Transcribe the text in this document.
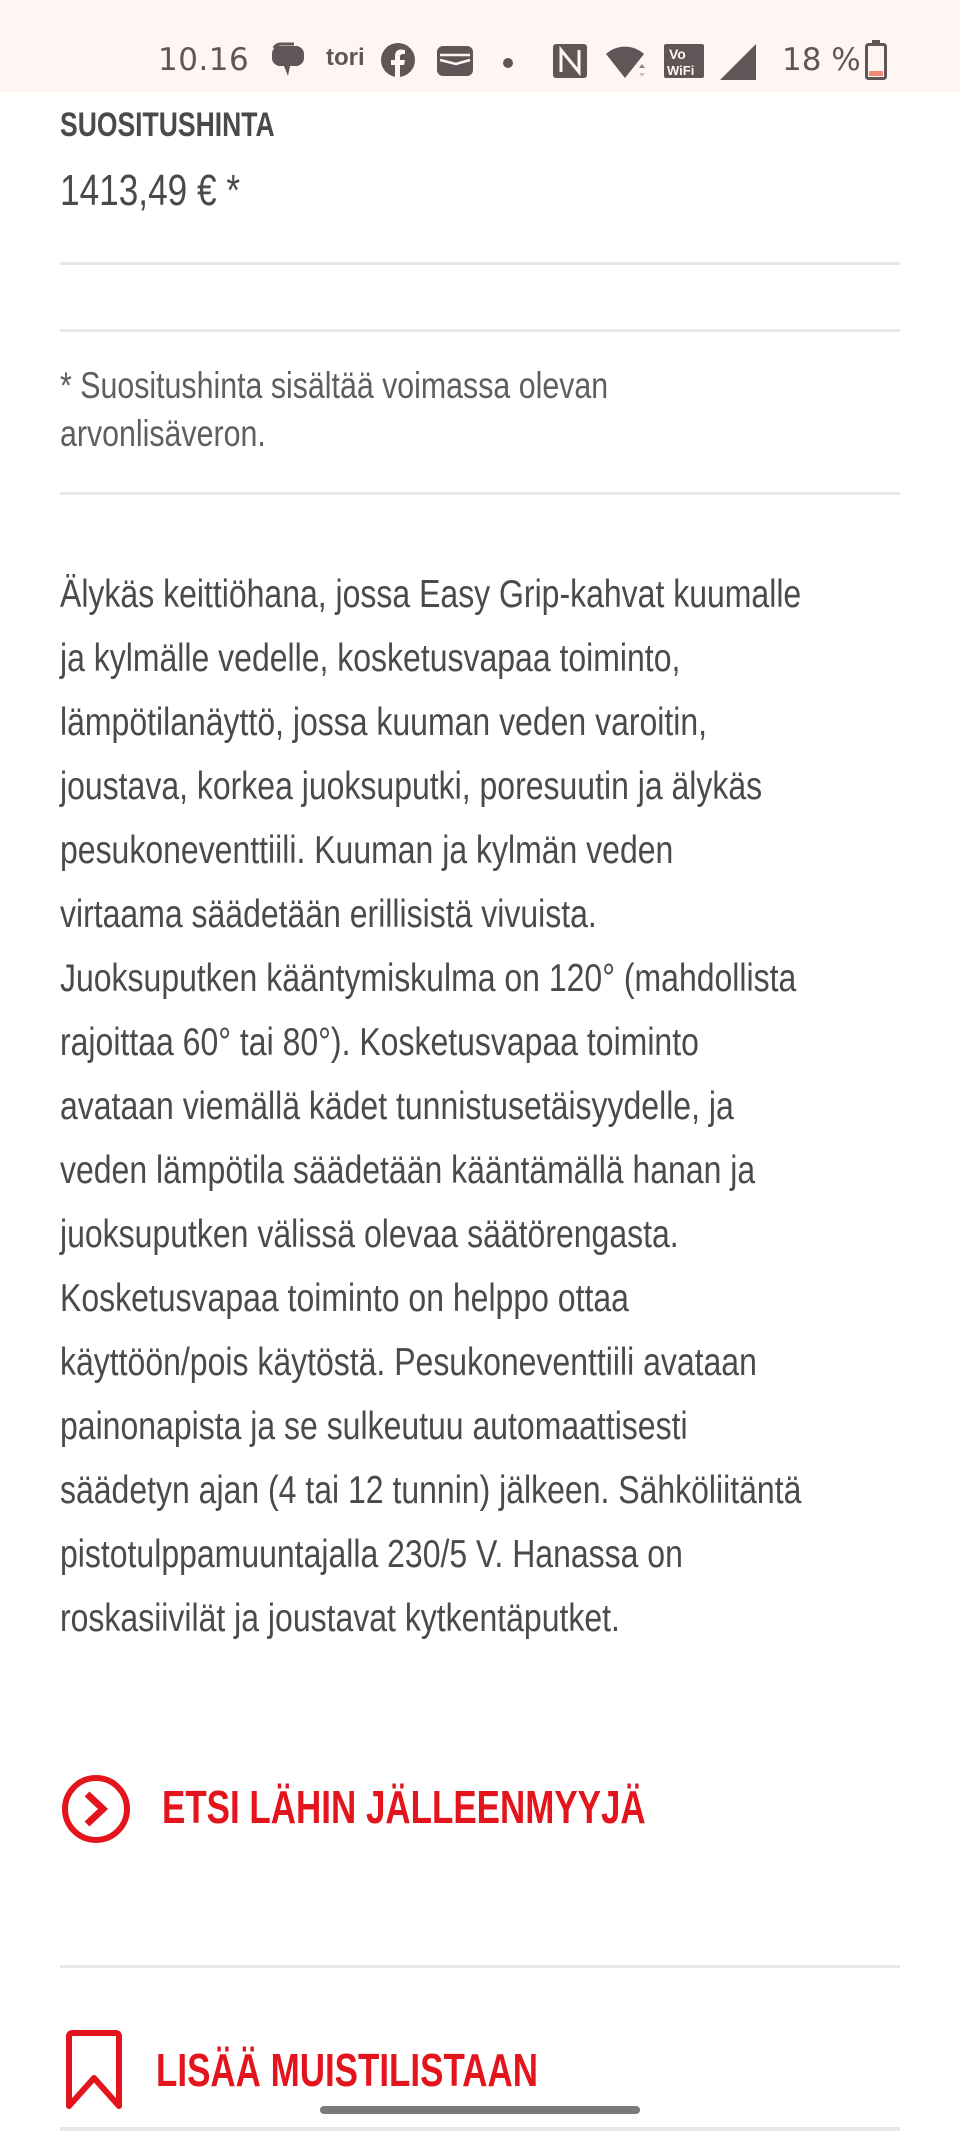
10.16	tori	Vo
WiFi	18 %
SUOSITUSHINTA
1413,49 € *
* Suositushinta sisältää voimassa olevan
arvonlisäveron.
Älykäs keittiöhana, jossa Easy Grip-kahvat kuumalle
ja kylmälle vedelle, kosketusvapaa toiminto,
lämpötilanäyttö, jossa kuuman veden varoitin,
joustava, korkea juoksuputki, poresuutin ja älykäs
pesukoneventtiili. Kuuman ja kylmän veden
virtaama säädetään erillisistä vivuista.
Juoksuputken kääntymiskulma on 120° (mahdollista
rajoittaa 60° tai 80°). Kosketusvapaa toiminto
avataan viemällä kädet tunnistusetäisyydelle, ja
veden lämpötila säädetään kääntämällä hanan ja
juoksuputken välissä olevaa säätörengasta.
Kosketusvapaa toiminto on helppo ottaa
käyttöön/pois käytöstä. Pesukoneventtiili avataan
painonapista ja se sulkeutuu automaattisesti
säädetyn ajan (4 tai 12 tunnin) jälkeen. Sähköliitäntä
pistotulppamuuntajalla 230/5 V. Hanassa on
roskasiivilät ja joustavat kytkentäputket.
ETSI LÄHIN JÄLLEENMYYJÄ
LISÄÄ MUISTILISTAAN
